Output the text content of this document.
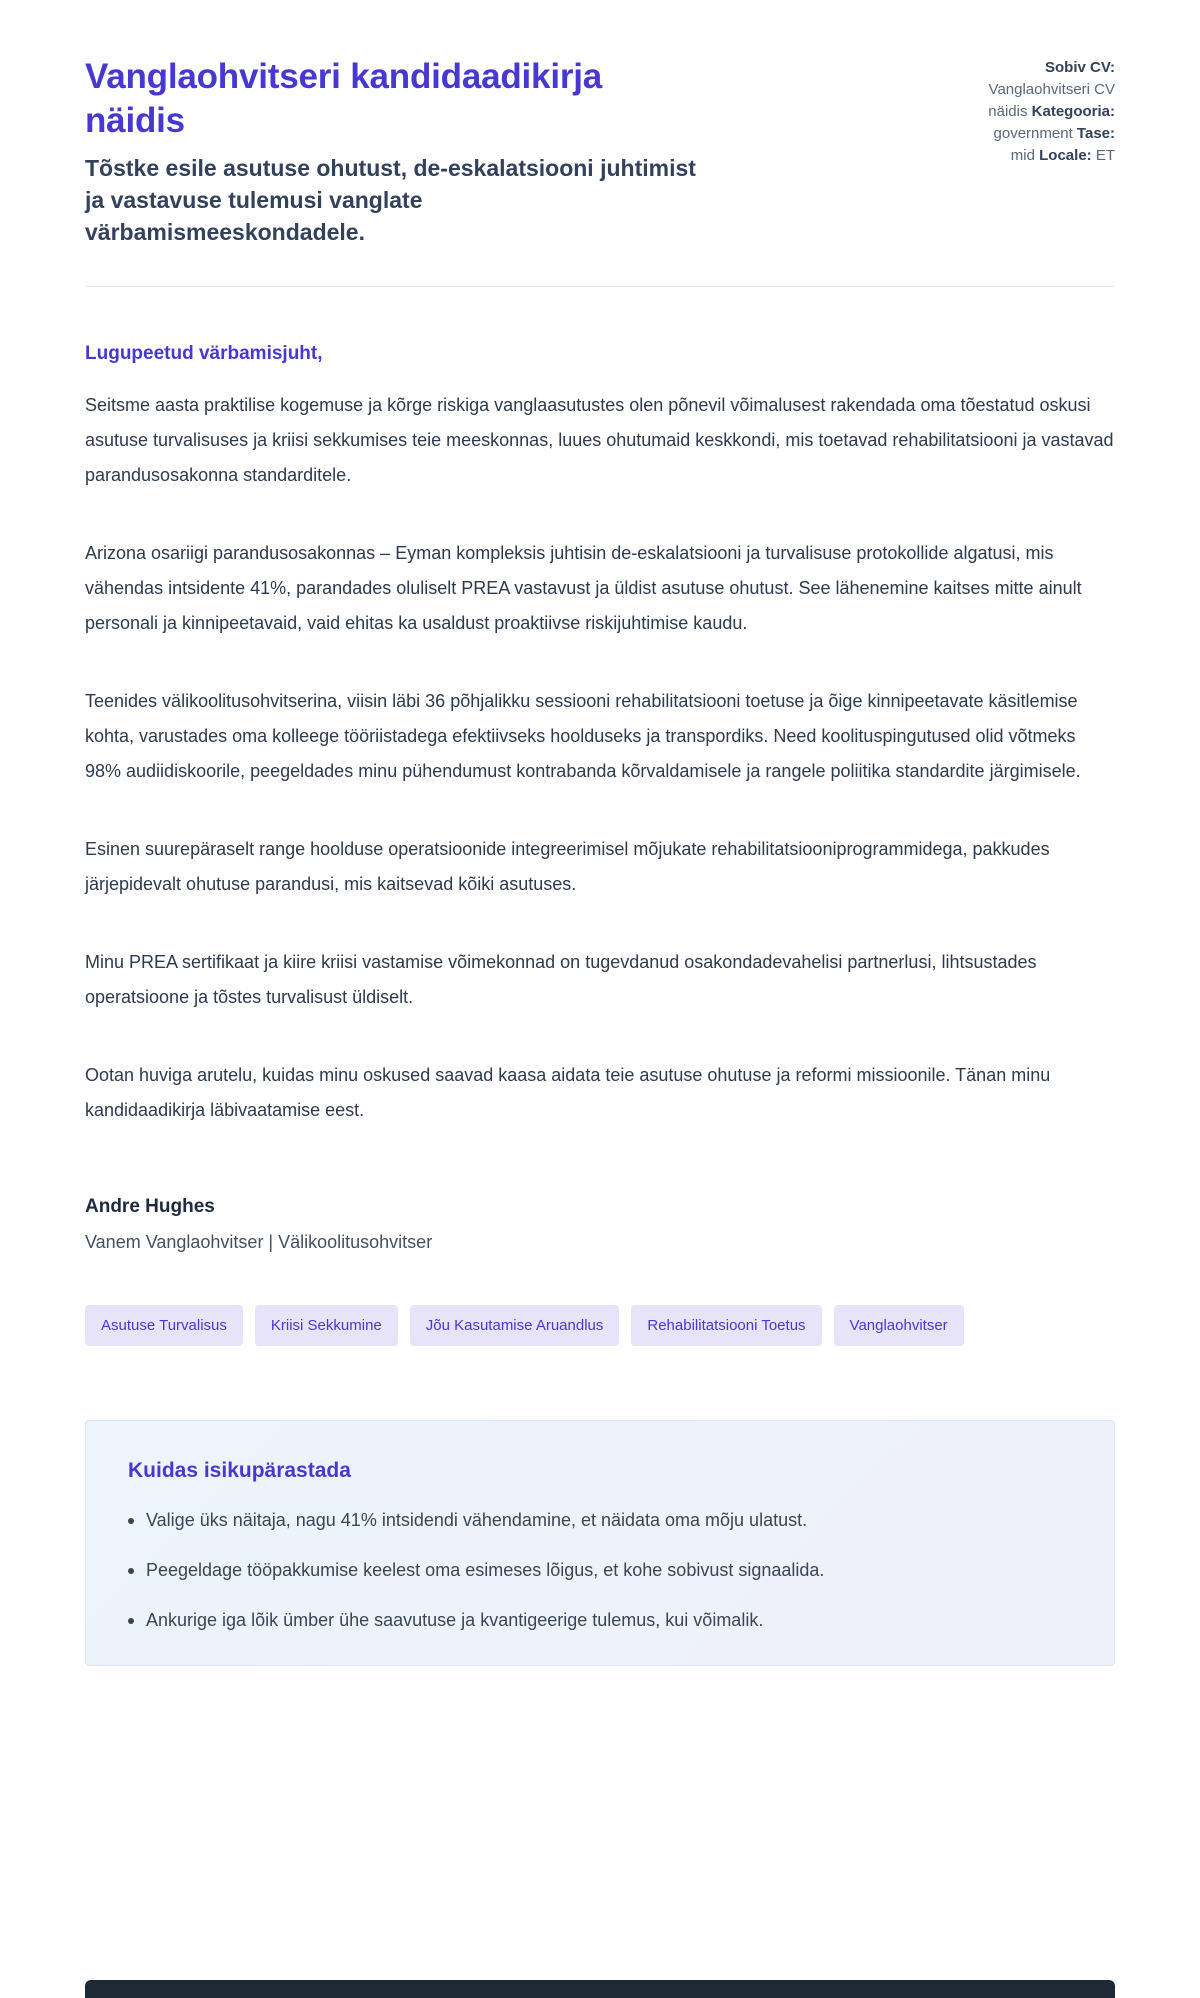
Vanglaohvitseri kandidaadikirja näidis
Tõstke esile asutuse ohutust, de-eskalatsiooni juhtimist ja vastavuse tulemusi vanglate värbamismeeskondadele.
Sobiv CV: Vanglaohvitseri CV näidis Kategooria: government Tase: mid Locale: ET
Lugupeetud värbamisjuht,

Seitsme aasta praktilise kogemuse ja kõrge riskiga vanglaasutustes olen põnevil võimalusest rakendada oma tõestatud oskusi asutuse turvalisuses ja kriisi sekkumises teie meeskonnas, luues ohutumaid keskkondi, mis toetavad rehabilitatsiooni ja vastavad parandusosakonna standarditele.

Arizona osariigi parandusosakonnas – Eyman kompleksis juhtisin de-eskalatsiooni ja turvalisuse protokollide algatusi, mis vähendas intsidente 41%, parandades oluliselt PREA vastavust ja üldist asutuse ohutust. See lähenemine kaitses mitte ainult personali ja kinnipeetavaid, vaid ehitas ka usaldust proaktiivse riskijuhtimise kaudu.

Teenides välikoolitusohvitserina, viisin läbi 36 põhjalikku sessiooni rehabilitatsiooni toetuse ja õige kinnipeetavate käsitlemise kohta, varustades oma kolleege tööriistadega efektiivseks hoolduseks ja transpordiks. Need koolituspingutused olid võtmeks 98% audiidiskoorile, peegeldades minu pühendumust kontrabanda kõrvaldamisele ja rangele poliitika standardite järgimisele.

Esinen suurepäraselt range hoolduse operatsioonide integreerimisel mõjukate rehabilitatsiooniprogrammidega, pakkudes järjepidevalt ohutuse parandusi, mis kaitsevad kõiki asutuses.

Minu PREA sertifikaat ja kiire kriisi vastamise võimekonnad on tugevdanud osakondadevahelisi partnerlusi, lihtsustades operatsioone ja tõstes turvalisust üldiselt.

Ootan huviga arutelu, kuidas minu oskused saavad kaasa aidata teie asutuse ohutuse ja reformi missioonile. Tänan minu kandidaadikirja läbivaatamise eest.

Andre Hughes
Vanem Vanglaohvitser | Välikoolitusohvitser
Asutuse Turvalisus	Kriisi Sekkumine	Jõu Kasutamise Aruandlus	Rehabilitatsiooni Toetus	Vanglaohvitser
Kuidas isikupärastada
Valige üks näitaja, nagu 41% intsidendi vähendamine, et näidata oma mõju ulatust.
Peegeldage tööpakkumise keelest oma esimeses lõigus, et kohe sobivust signaalida.
Ankurige iga lõik ümber ühe saavutuse ja kvantigeerige tulemus, kui võimalik.
